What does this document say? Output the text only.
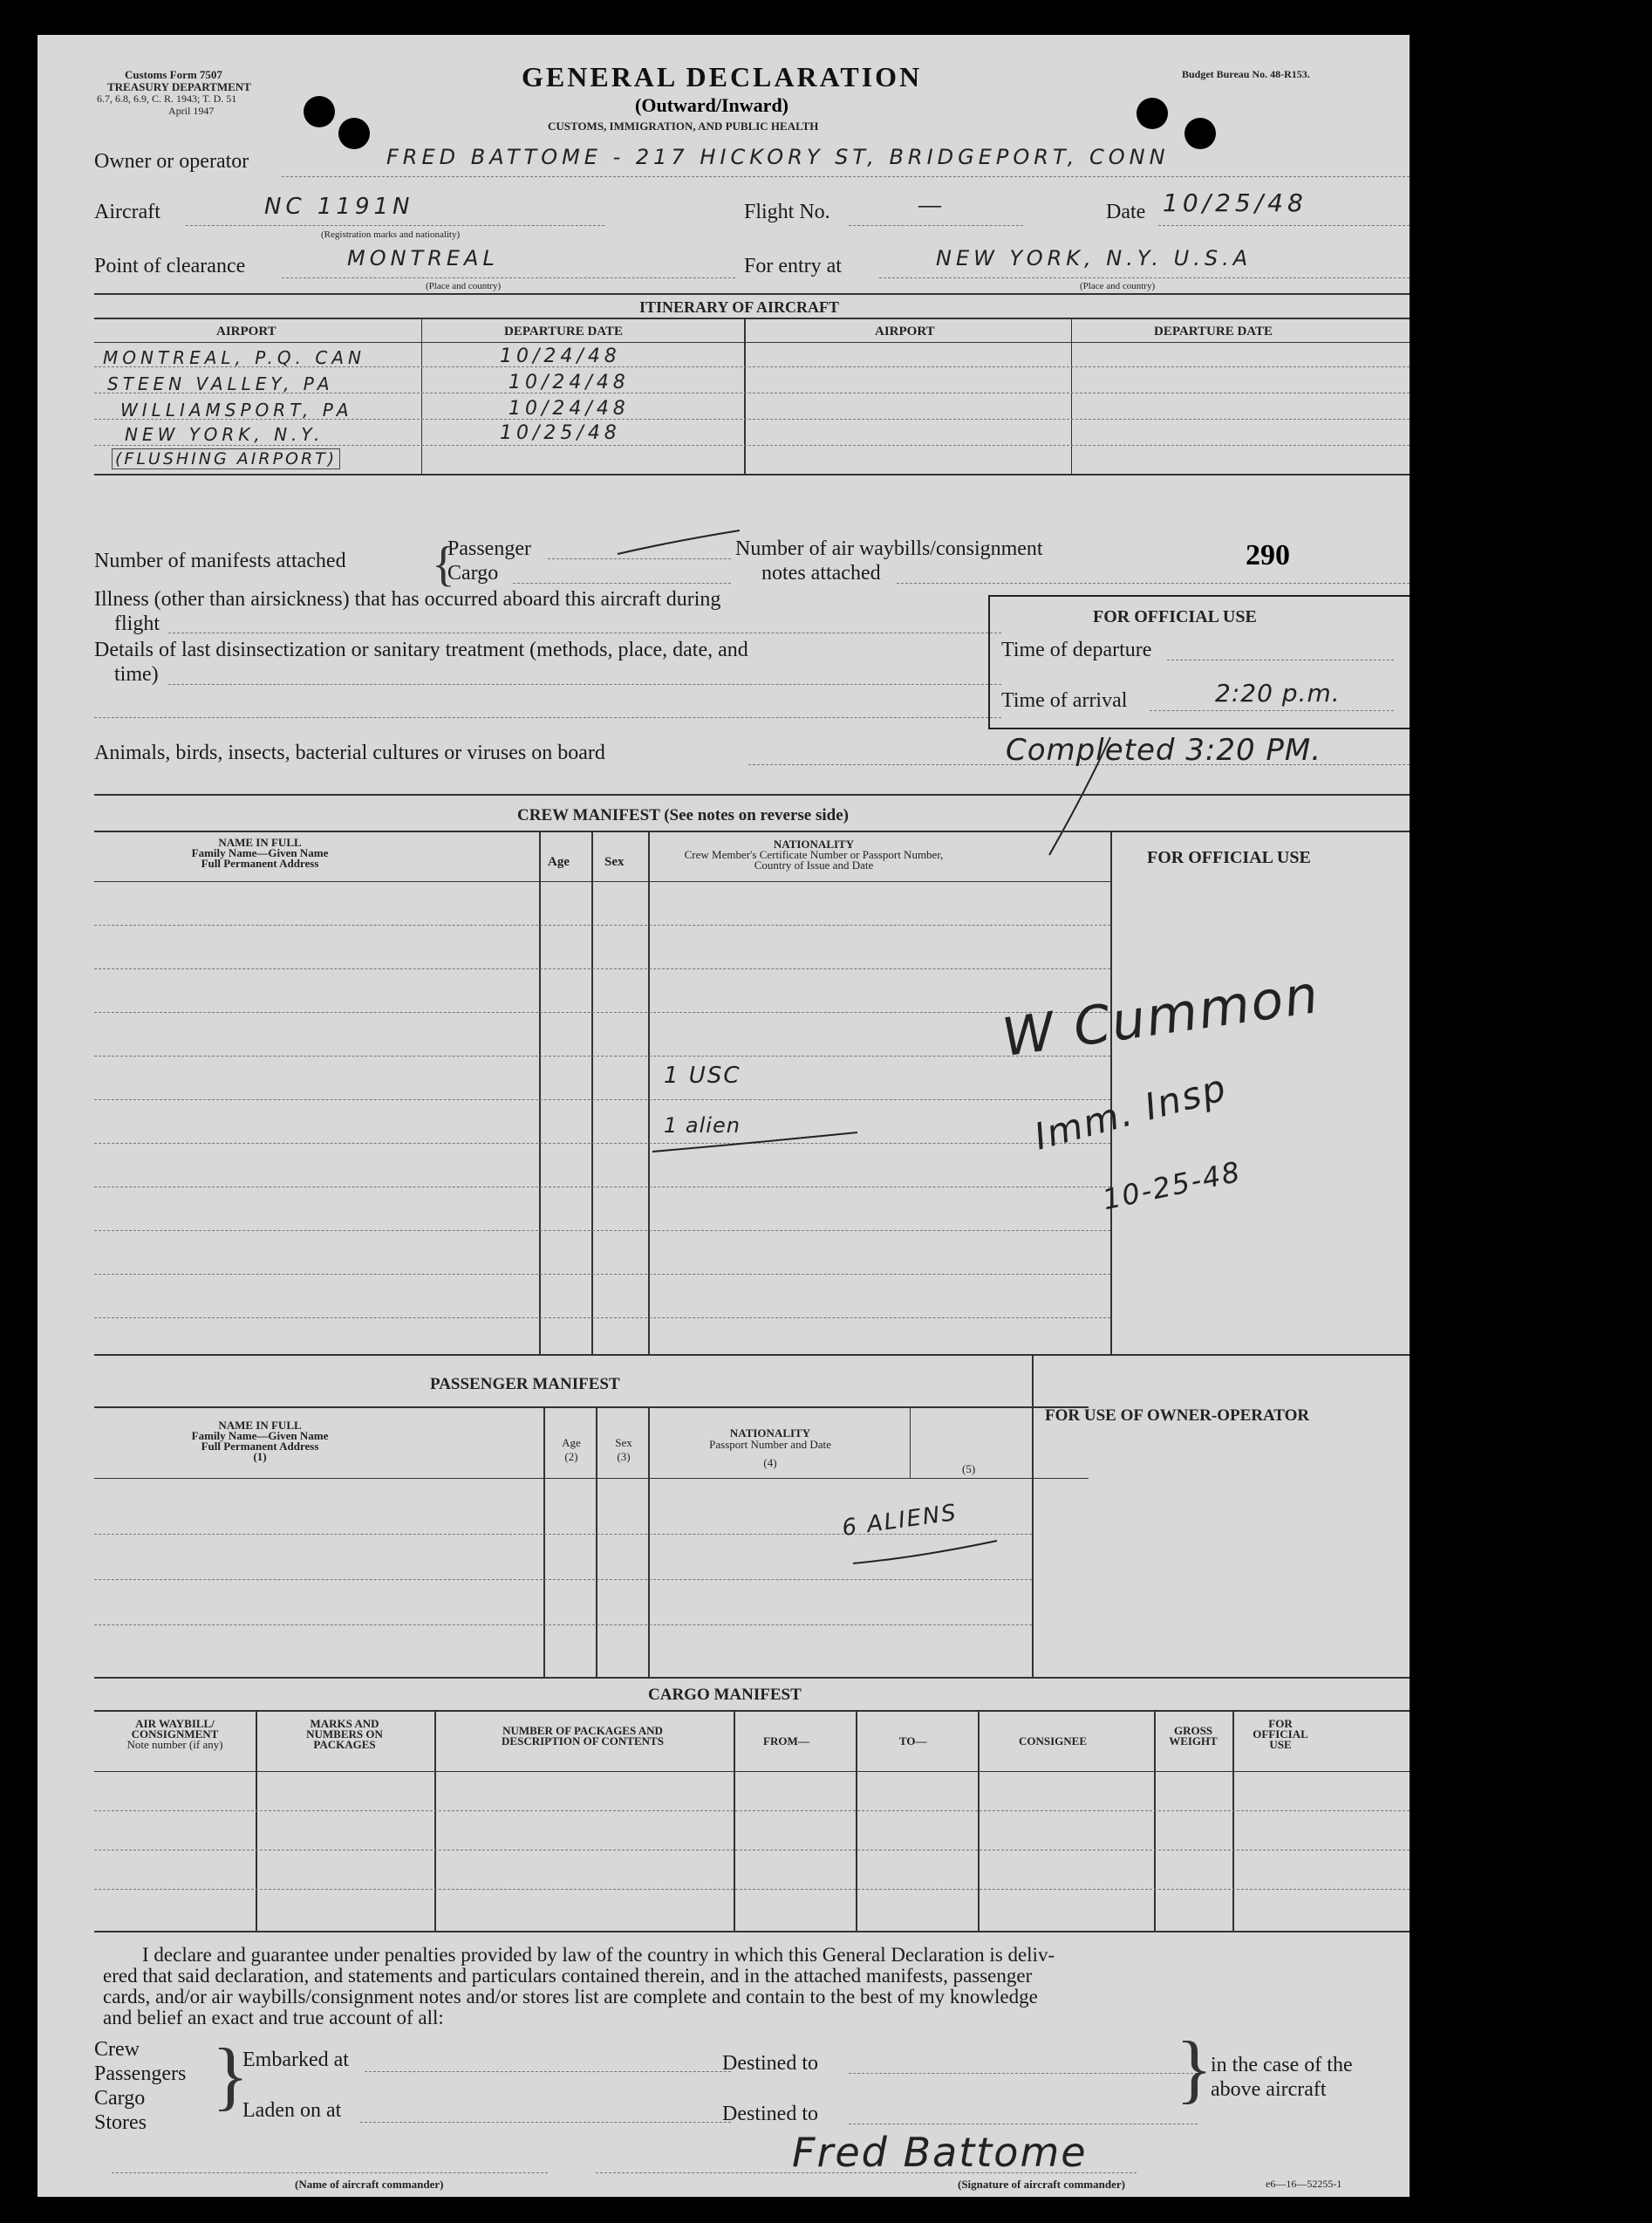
Customs Form 7507
TREASURY DEPARTMENT
6.7, 6.8, 6.9, C. R. 1943; T. D. 51
April 1947
GENERAL DECLARATION
(Outward/Inward)
CUSTOMS, IMMIGRATION, AND PUBLIC HEALTH
Budget Bureau No. 48-R153.
Owner or operator	FRED BATTOME - 217 HICKORY ST, BRIDGEPORT, CONN
Aircraft	NC 1191N
(Registration marks and nationality)
Flight No.	—	Date 10/25/48
Point of clearance	MONTREAL
(Place and country)
For entry at	NEW YORK, N.Y. U.S.A
(Place and country)
ITINERARY OF AIRCRAFT
AIRPORT	DEPARTURE DATE	AIRPORT	DEPARTURE DATE
MONTREAL, P.Q. CAN	10/24/48
STEEN VALLEY, PA	10/24/48
WILLIAMSPORT, PA	10/24/48
NEW YORK, N.Y.	10/25/48
(FLUSHING AIRPORT)
Number of manifests attached {
Passenger
Cargo
Number of air waybills/consignment
notes attached
290
Illness (other than airsickness) that has occurred aboard this aircraft during
flight
Details of last disinsectization or sanitary treatment (methods, place, date, and
time)
Animals, birds, insects, bacterial cultures or viruses on board
FOR OFFICIAL USE
Time of departure
Time of arrival	2:20 p.m.
Completed 3:20 PM.
CREW MANIFEST (See notes on reverse side)
NAME IN FULL
Family Name—Given Name
Full Permanent Address	Age	Sex
NATIONALITY
Crew Member's Certificate Number or Passport Number,
Country of Issue and Date	FOR OFFICIAL USE
1 USC
1 alien
W Cummon
Imm. Insp
10-25-48
PASSENGER MANIFEST
NAME IN FULL
Family Name—Given Name
Full Permanent Address
(1)
Age
(2)
Sex
(3)
NATIONALITY
Passport Number and Date
(4)	(5)
FOR USE OF OWNER-OPERATOR
6 ALIENS
CARGO MANIFEST
AIR WAYBILL/
CONSIGNMENT
Note number (if any)
MARKS AND
NUMBERS ON
PACKAGES
NUMBER OF PACKAGES AND
DESCRIPTION OF CONTENTS	FROM—	TO—	CONSIGNEE
GROSS
WEIGHT
FOR
OFFICIAL
USE
I declare and guarantee under penalties provided by law of the country in which this General Declaration is deliv-
ered that said declaration, and statements and particulars contained therein, and in the attached manifests, passenger
cards, and/or air waybills/consignment notes and/or stores list are complete and contain to the best of my knowledge
and belief an exact and true account of all:
Crew
Passengers
Cargo
Stores
}
Embarked at
Laden on at
Destined to
Destined to
}
in the case of the
above aircraft
Fred Battome
(Name of aircraft commander)	(Signature of aircraft commander)	e6—16—52255-1
